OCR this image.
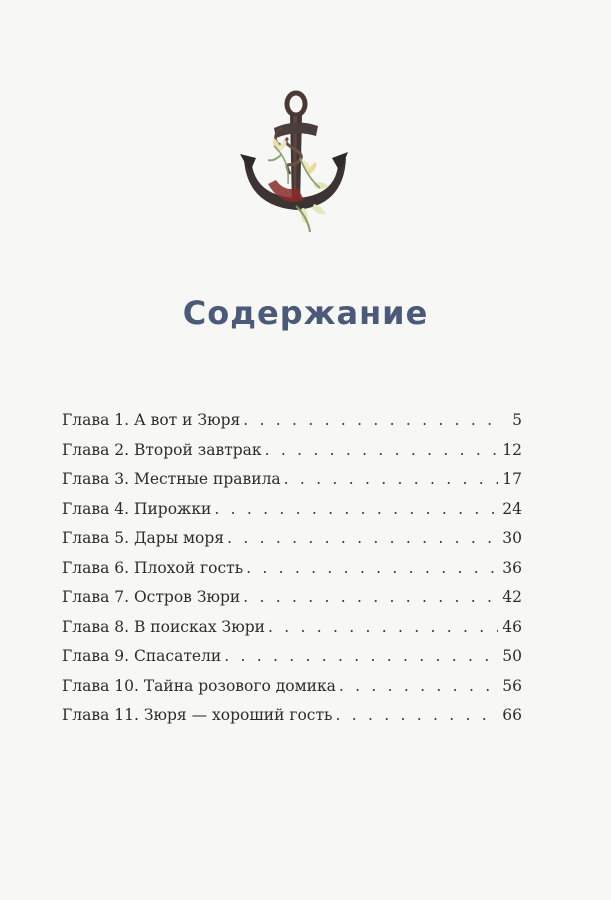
Содержание
Глава 1. А вот и Зюря . . .	5
Глава 2. Второй завтрак . . .	12
Глава 3. Местные правила . . .	17
Глава 4. Пирожки . . .	24
Глава 5. Дары моря . . .	30
Глава 6. Плохой гость . . .	36
Глава 7. Остров Зюри . . .	42
Глава 8. В поисках Зюри . . .	46
Глава 9. Спасатели . . .	50
Глава 10. Тайна розового домика . . .	56
Глава 11. Зюря — хороший гость . . .	66
